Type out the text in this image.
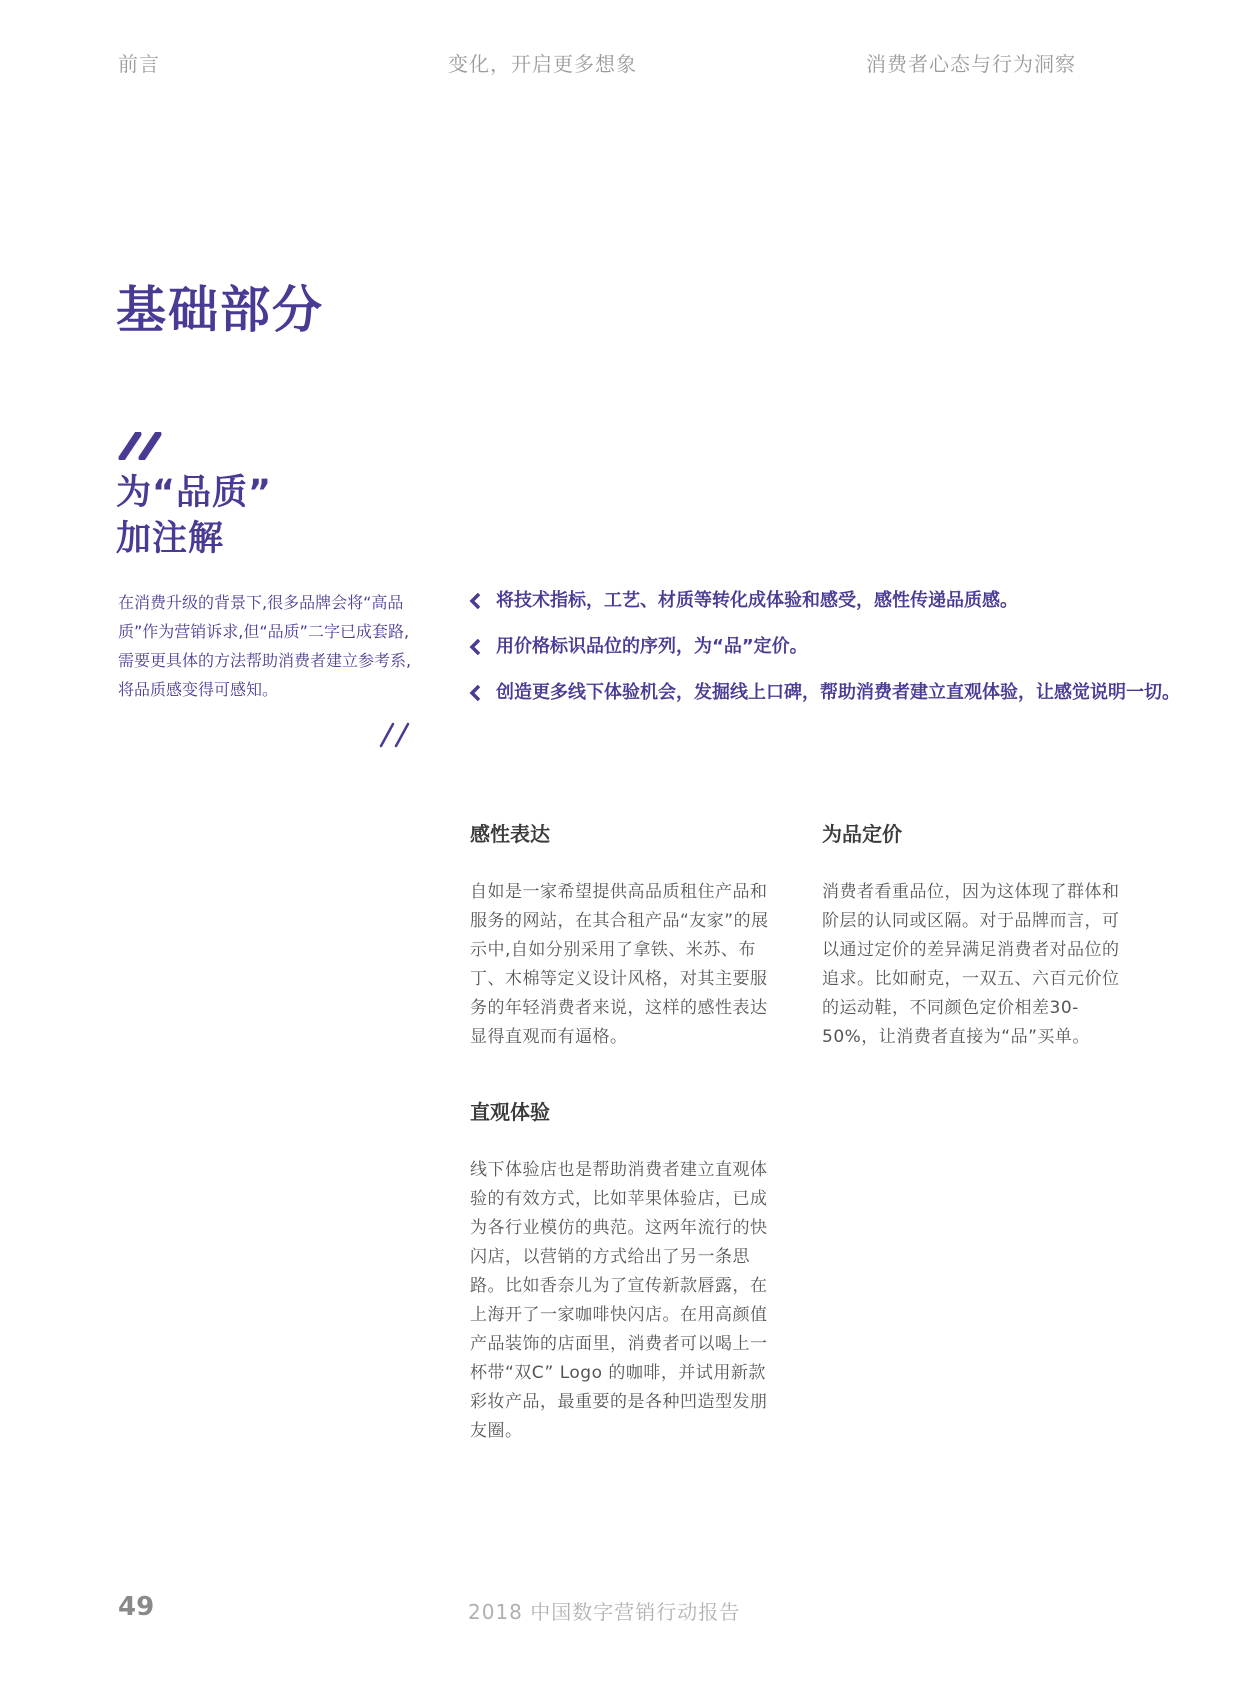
前言	变化，开启更多想象	消费者心态与行为洞察
基础部分
为“品质”
加注解

在消费升级的背景下,很多品牌会将“高品质”作为营销诉求,但“品质”二字已成套路,需要更具体的方法帮助消费者建立参考系,将品质感变得可感知。

将技术指标，工艺、材质等转化成体验和感受，感性传递品质感。
用价格标识品位的序列，为“品”定价。
创造更多线下体验机会，发掘线上口碑，帮助消费者建立直观体验，让感觉说明一切。
感性表达

自如是一家希望提供高品质租住产品和服务的网站，在其合租产品“友家”的展示中,自如分别采用了拿铁、米苏、布丁、木棉等定义设计风格，对其主要服务的年轻消费者来说，这样的感性表达显得直观而有逼格。

为品定价

消费者看重品位，因为这体现了群体和阶层的认同或区隔。对于品牌而言，可以通过定价的差异满足消费者对品位的追求。比如耐克，一双五、六百元价位的运动鞋，不同颜色定价相差30-50%，让消费者直接为“品”买单。

直观体验

线下体验店也是帮助消费者建立直观体验的有效方式，比如苹果体验店，已成为各行业模仿的典范。这两年流行的快闪店，以营销的方式给出了另一条思路。比如香奈儿为了宣传新款唇露，在上海开了一家咖啡快闪店。在用高颜值产品装饰的店面里，消费者可以喝上一杯带“双C” Logo 的咖啡，并试用新款彩妆产品，最重要的是各种凹造型发朋友圈。

49	2018 中国数字营销行动报告
